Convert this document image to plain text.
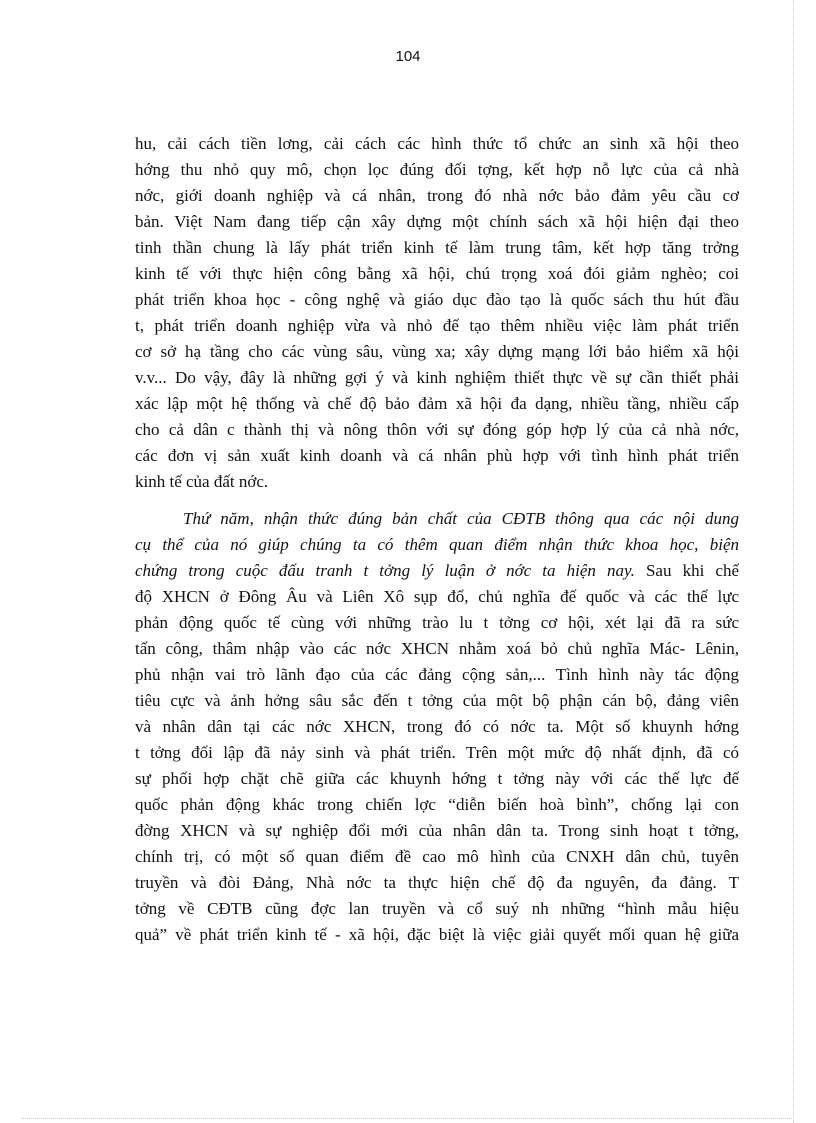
104
hu, cải cách tiền lơng, cải cách các hình thức tổ chức an sinh xã hội theo
hớng thu nhỏ quy mô, chọn lọc đúng đối tợng, kết hợp nỗ lực của cả nhà
nớc, giới doanh nghiệp và cá nhân, trong đó nhà nớc bảo đảm yêu cầu cơ
bản. Việt Nam đang tiếp cận xây dựng một chính sách xã hội hiện đại theo
tinh thần chung là lấy phát triển kinh tế làm trung tâm, kết hợp tăng trởng
kinh tế với thực hiện công bằng xã hội, chú trọng xoá đói giảm nghèo; coi
phát triển khoa học - công nghệ và giáo dục đào tạo là quốc sách thu hút đầu
t, phát triển doanh nghiệp vừa và nhỏ để tạo thêm nhiều việc làm phát triển
cơ sở hạ tầng cho các vùng sâu, vùng xa; xây dựng mạng lới bảo hiểm xã hội
v.v... Do vậy, đây là những gợi ý và kinh nghiệm thiết thực về sự cần thiết phải
xác lập một hệ thống và chế độ bảo đảm xã hội đa dạng, nhiều tầng, nhiều cấp
cho cả dân c thành thị và nông thôn với sự đóng góp hợp lý của cả nhà nớc,
các đơn vị sản xuất kinh doanh và cá nhân phù hợp với tình hình phát triển
kinh tế của đất nớc.
Thứ năm, nhận thức đúng bản chất của CĐTB thông qua các nội dung
cụ thể của nó giúp chúng ta có thêm quan điểm nhận thức khoa học, biện
chứng trong cuộc đấu tranh t tởng lý luận ở nớc ta hiện nay. Sau khi chế
độ XHCN ở Đông Âu và Liên Xô sụp đổ, chủ nghĩa đế quốc và các thế lực
phản động quốc tế cùng với những trào lu t tởng cơ hội, xét lại đã ra sức
tấn công, thâm nhập vào các nớc XHCN nhằm xoá bỏ chủ nghĩa Mác- Lênin,
phủ nhận vai trò lãnh đạo của các đảng cộng sản,... Tình hình này tác động
tiêu cực và ảnh hởng sâu sắc đến t tởng của một bộ phận cán bộ, đảng viên
và nhân dân tại các nớc XHCN, trong đó có nớc ta. Một số khuynh hớng
t tởng đối lập đã nảy sinh và phát triển. Trên một mức độ nhất định, đã có
sự phối hợp chặt chẽ giữa các khuynh hớng t tởng này với các thế lực đế
quốc phản động khác trong chiến lợc “diễn biến hoà bình”, chống lại con
đờng XHCN và sự nghiệp đổi mới của nhân dân ta. Trong sinh hoạt t tởng,
chính trị, có một số quan điểm đề cao mô hình của CNXH dân chủ, tuyên
truyền và đòi Đảng, Nhà nớc ta thực hiện chế độ đa nguyên, đa đảng. T
tởng về CĐTB cũng đợc lan truyền và cổ suý nh những “hình mẫu hiệu
quả” về phát triển kinh tế - xã hội, đặc biệt là việc giải quyết mối quan hệ giữa
